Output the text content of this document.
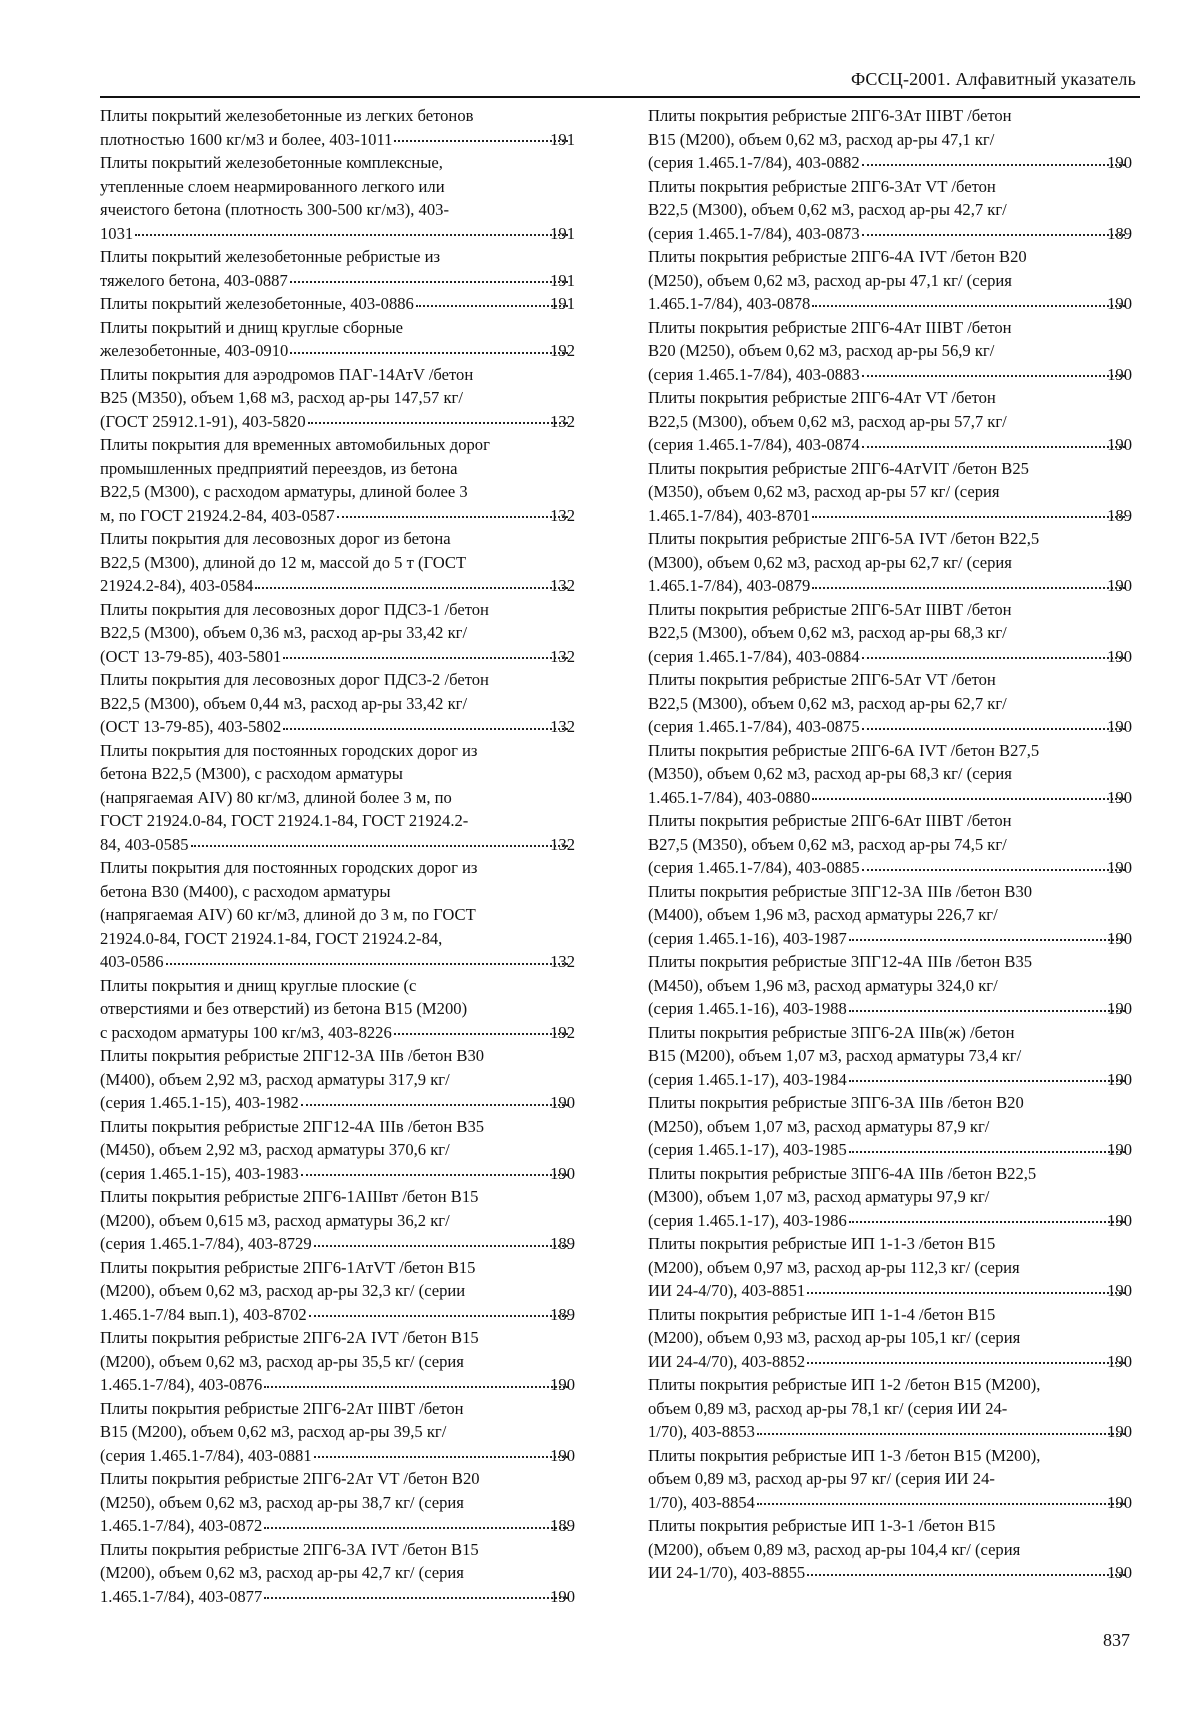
ФССЦ-2001. Алфавитный указатель
Плиты покрытий железобетонные из легких бетонов
плотностью 1600 кг/м3 и более, 403-1011	191
Плиты покрытий железобетонные комплексные,
утепленные слоем неармированного легкого или
ячеистого бетона (плотность 300-500 кг/м3), 403-
1031	191
Плиты покрытий железобетонные ребристые из
тяжелого бетона, 403-0887	191
Плиты покрытий железобетонные, 403-0886	191
Плиты покрытий и днищ круглые сборные
железобетонные, 403-0910	192
Плиты покрытия для аэродромов ПАГ-14АтV /бетон
B25 (M350), объем 1,68 м3, расход ар-ры 147,57 кг/
(ГОСТ 25912.1-91), 403-5820	132
Плиты покрытия для временных автомобильных дорог
промышленных предприятий переездов, из бетона
B22,5 (M300), с расходом арматуры, длиной более 3
м, по ГОСТ 21924.2-84, 403-0587	132
Плиты покрытия для лесовозных дорог из бетона
B22,5 (M300), длиной до 12 м, массой до 5 т (ГОСТ
21924.2-84), 403-0584	132
Плиты покрытия для лесовозных дорог ПДС3-1 /бетон
B22,5 (M300), объем 0,36 м3, расход ар-ры 33,42 кг/
(ОСТ 13-79-85), 403-5801	132
Плиты покрытия для лесовозных дорог ПДС3-2 /бетон
B22,5 (M300), объем 0,44 м3, расход ар-ры 33,42 кг/
(ОСТ 13-79-85), 403-5802	132
Плиты покрытия для постоянных городских дорог из
бетона B22,5 (M300), с расходом арматуры
(напрягаемая AIV) 80 кг/м3, длиной более 3 м, по
ГОСТ 21924.0-84, ГОСТ 21924.1-84, ГОСТ 21924.2-
84, 403-0585	132
Плиты покрытия для постоянных городских дорог из
бетона B30 (M400), с расходом арматуры
(напрягаемая AIV) 60 кг/м3, длиной до 3 м, по ГОСТ
21924.0-84, ГОСТ 21924.1-84, ГОСТ 21924.2-84,
403-0586	132
Плиты покрытия и днищ круглые плоские (с
отверстиями и без отверстий) из бетона B15 (M200)
с расходом арматуры 100 кг/м3, 403-8226	192
Плиты покрытия ребристые 2ПГ12-3А IIIв /бетон B30
(M400), объем 2,92 м3, расход арматуры 317,9 кг/
(серия 1.465.1-15), 403-1982	190
Плиты покрытия ребристые 2ПГ12-4А IIIв /бетон B35
(M450), объем 2,92 м3, расход арматуры 370,6 кг/
(серия 1.465.1-15), 403-1983	190
Плиты покрытия ребристые 2ПГ6-1АIIIвт /бетон B15
(M200), объем 0,615 м3, расход арматуры 36,2 кг/
(серия 1.465.1-7/84), 403-8729	189
Плиты покрытия ребристые 2ПГ6-1АтVT /бетон B15
(M200), объем 0,62 м3, расход ар-ры 32,3 кг/ (серии
1.465.1-7/84 вып.1), 403-8702	189
Плиты покрытия ребристые 2ПГ6-2А IVT /бетон B15
(M200), объем 0,62 м3, расход ар-ры 35,5 кг/ (серия
1.465.1-7/84), 403-0876	190
Плиты покрытия ребристые 2ПГ6-2Ат IIIВТ /бетон
B15 (M200), объем 0,62 м3, расход ар-ры 39,5 кг/
(серия 1.465.1-7/84), 403-0881	190
Плиты покрытия ребристые 2ПГ6-2Ат VT /бетон B20
(M250), объем 0,62 м3, расход ар-ры 38,7 кг/ (серия
1.465.1-7/84), 403-0872	189
Плиты покрытия ребристые 2ПГ6-3А IVT /бетон B15
(M200), объем 0,62 м3, расход ар-ры 42,7 кг/ (серия
1.465.1-7/84), 403-0877	190
Плиты покрытия ребристые 2ПГ6-3Ат IIIВТ /бетон
B15 (M200), объем 0,62 м3, расход ар-ры 47,1 кг/
(серия 1.465.1-7/84), 403-0882	190
Плиты покрытия ребристые 2ПГ6-3Ат VT /бетон
B22,5 (M300), объем 0,62 м3, расход ар-ры 42,7 кг/
(серия 1.465.1-7/84), 403-0873	189
Плиты покрытия ребристые 2ПГ6-4А IVT /бетон B20
(M250), объем 0,62 м3, расход ар-ры 47,1 кг/ (серия
1.465.1-7/84), 403-0878	190
Плиты покрытия ребристые 2ПГ6-4Ат IIIВТ /бетон
B20 (M250), объем 0,62 м3, расход ар-ры 56,9 кг/
(серия 1.465.1-7/84), 403-0883	190
Плиты покрытия ребристые 2ПГ6-4Ат VT /бетон
B22,5 (M300), объем 0,62 м3, расход ар-ры 57,7 кг/
(серия 1.465.1-7/84), 403-0874	190
Плиты покрытия ребристые 2ПГ6-4АтVIT /бетон B25
(M350), объем 0,62 м3, расход ар-ры 57 кг/ (серия
1.465.1-7/84), 403-8701	189
Плиты покрытия ребристые 2ПГ6-5А IVT /бетон B22,5
(M300), объем 0,62 м3, расход ар-ры 62,7 кг/ (серия
1.465.1-7/84), 403-0879	190
Плиты покрытия ребристые 2ПГ6-5Ат IIIВТ /бетон
B22,5 (M300), объем 0,62 м3, расход ар-ры 68,3 кг/
(серия 1.465.1-7/84), 403-0884	190
Плиты покрытия ребристые 2ПГ6-5Ат VT /бетон
B22,5 (M300), объем 0,62 м3, расход ар-ры 62,7 кг/
(серия 1.465.1-7/84), 403-0875	190
Плиты покрытия ребристые 2ПГ6-6А IVT /бетон B27,5
(M350), объем 0,62 м3, расход ар-ры 68,3 кг/ (серия
1.465.1-7/84), 403-0880	190
Плиты покрытия ребристые 2ПГ6-6Ат IIIВТ /бетон
B27,5 (M350), объем 0,62 м3, расход ар-ры 74,5 кг/
(серия 1.465.1-7/84), 403-0885	190
Плиты покрытия ребристые 3ПГ12-3А IIIв /бетон B30
(M400), объем 1,96 м3, расход арматуры 226,7 кг/
(серия 1.465.1-16), 403-1987	190
Плиты покрытия ребристые 3ПГ12-4А IIIв /бетон B35
(M450), объем 1,96 м3, расход арматуры 324,0 кг/
(серия 1.465.1-16), 403-1988	190
Плиты покрытия ребристые 3ПГ6-2А IIIв(ж) /бетон
B15 (M200), объем 1,07 м3, расход арматуры 73,4 кг/
(серия 1.465.1-17), 403-1984	190
Плиты покрытия ребристые 3ПГ6-3А IIIв /бетон B20
(M250), объем 1,07 м3, расход арматуры 87,9 кг/
(серия 1.465.1-17), 403-1985	190
Плиты покрытия ребристые 3ПГ6-4А IIIв /бетон B22,5
(M300), объем 1,07 м3, расход арматуры 97,9 кг/
(серия 1.465.1-17), 403-1986	190
Плиты покрытия ребристые ИП 1-1-3 /бетон B15
(M200), объем 0,97 м3, расход ар-ры 112,3 кг/ (серия
ИИ 24-4/70), 403-8851	190
Плиты покрытия ребристые ИП 1-1-4 /бетон B15
(M200), объем 0,93 м3, расход ар-ры 105,1 кг/ (серия
ИИ 24-4/70), 403-8852	190
Плиты покрытия ребристые ИП 1-2 /бетон B15 (M200),
объем 0,89 м3, расход ар-ры 78,1 кг/ (серия ИИ 24-
1/70), 403-8853	190
Плиты покрытия ребристые ИП 1-3 /бетон B15 (M200),
объем 0,89 м3, расход ар-ры 97 кг/ (серия ИИ 24-
1/70), 403-8854	190
Плиты покрытия ребристые ИП 1-3-1 /бетон B15
(M200), объем 0,89 м3, расход ар-ры 104,4 кг/ (серия
ИИ 24-1/70), 403-8855	190
837
